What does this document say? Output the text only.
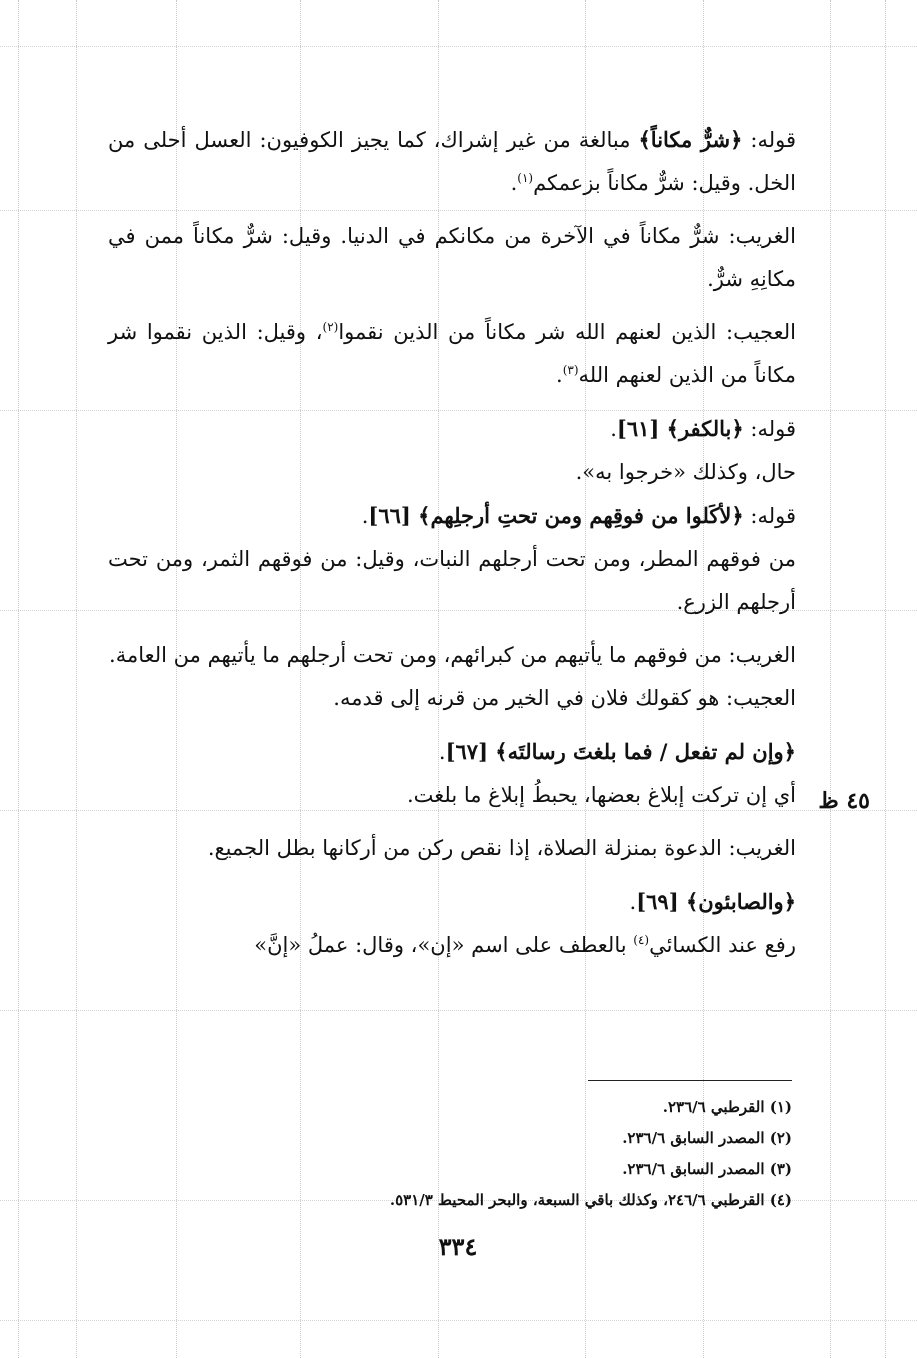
قوله: ﴿شرٌّ مكاناً﴾ مبالغة من غير إشراك، كما يجيز الكوفيون: العسل أحلى من الخل. وقيل: شرٌّ مكاناً بزعمكم$^{(١)}$.

الغريب: شرٌّ مكاناً في الآخرة من مكانكم في الدنيا. وقيل: شرٌّ مكاناً ممن في مكانِهِ شرٌّ.

العجيب: الذين لعنهم الله شر مكاناً من الذين نقموا$^{(٢)}$، وقيل: الذين نقموا شر مكاناً من الذين لعنهم الله$^{(٣)}$.

قوله: ﴿بالكفر﴾ [٦١].

حال، وكذلك «خرجوا به».

قوله: ﴿لأكَلوا من فوقِهم ومن تحتِ أرجلِهم﴾ [٦٦].

من فوقهم المطر، ومن تحت أرجلهم النبات، وقيل: من فوقهم الثمر، ومن تحت أرجلهم الزرع.

الغريب: من فوقهم ما يأتيهم من كبرائهم، ومن تحت أرجلهم ما يأتيهم من العامة.

العجيب: هو كقولك فلان في الخير من قرنه إلى قدمه.

﴿وإن لم تفعل / فما بلغتَ رسالتَه﴾ [٦٧].

أي إن تركت إبلاغ بعضها، يحبطُ إبلاغ ما بلغت.

الغريب: الدعوة بمنزلة الصلاة، إذا نقص ركن من أركانها بطل الجميع.

﴿والصابئون﴾ [٦٩].

رفع عند الكسائي$^{(٤)}$ بالعطف على اسم «إن»، وقال: عملُ «إنَّ»

٤٥ ظ
(١) القرطبي ٢٣٦/٦.
(٢) المصدر السابق ٢٣٦/٦.
(٣) المصدر السابق ٢٣٦/٦.
(٤) القرطبي ٢٤٦/٦، وكذلك باقي السبعة، والبحر المحيط ٥٣١/٣.
٣٣٤
